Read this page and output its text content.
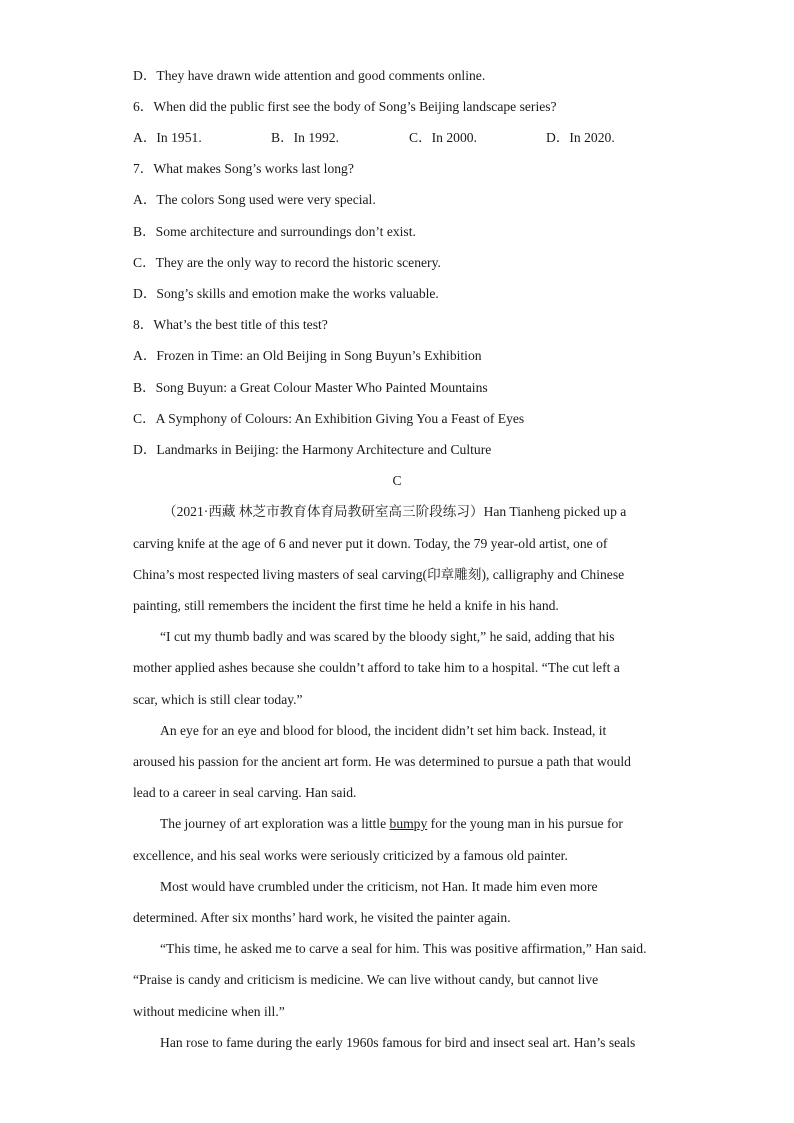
D．They have drawn wide attention and good comments online.
6．When did the public first see the body of Song’s Beijing landscape series?
A．In 1951.	B．In 1992.	C．In 2000.	D．In 2020.
7．What makes Song’s works last long?
A．The colors Song used were very special.
B．Some architecture and surroundings don’t exist.
C．They are the only way to record the historic scenery.
D．Song’s skills and emotion make the works valuable.
8．What’s the best title of this test?
A．Frozen in Time: an Old Beijing in Song Buyun’s Exhibition
B．Song Buyun: a Great Colour Master Who Painted Mountains
C．A Symphony of Colours: An Exhibition Giving You a Feast of Eyes
D．Landmarks in Beijing: the Harmony Architecture and Culture
C
（2021·西藏 林芝市教育体育局教研室高三阶段练习）Han Tianheng picked up a
carving knife at the age of 6 and never put it down. Today, the 79 year-old artist, one of
China’s most respected living masters of seal carving(印章雕刻), calligraphy and Chinese
painting, still remembers the incident the first time he held a knife in his hand.
“I cut my thumb badly and was scared by the bloody sight,” he said, adding that his
mother applied ashes because she couldn’t afford to take him to a hospital. “The cut left a
scar, which is still clear today.”
An eye for an eye and blood for blood, the incident didn’t set him back. Instead, it
aroused his passion for the ancient art form. He was determined to pursue a path that would
lead to a career in seal carving. Han said.
The journey of art exploration was a little bumpy for the young man in his pursue for
excellence, and his seal works were seriously criticized by a famous old painter.
Most would have crumbled under the criticism, not Han. It made him even more
determined. After six months’ hard work, he visited the painter again.
“This time, he asked me to carve a seal for him. This was positive affirmation,” Han said.
“Praise is candy and criticism is medicine. We can live without candy, but cannot live
without medicine when ill.”
Han rose to fame during the early 1960s famous for bird and insect seal art. Han’s seals
